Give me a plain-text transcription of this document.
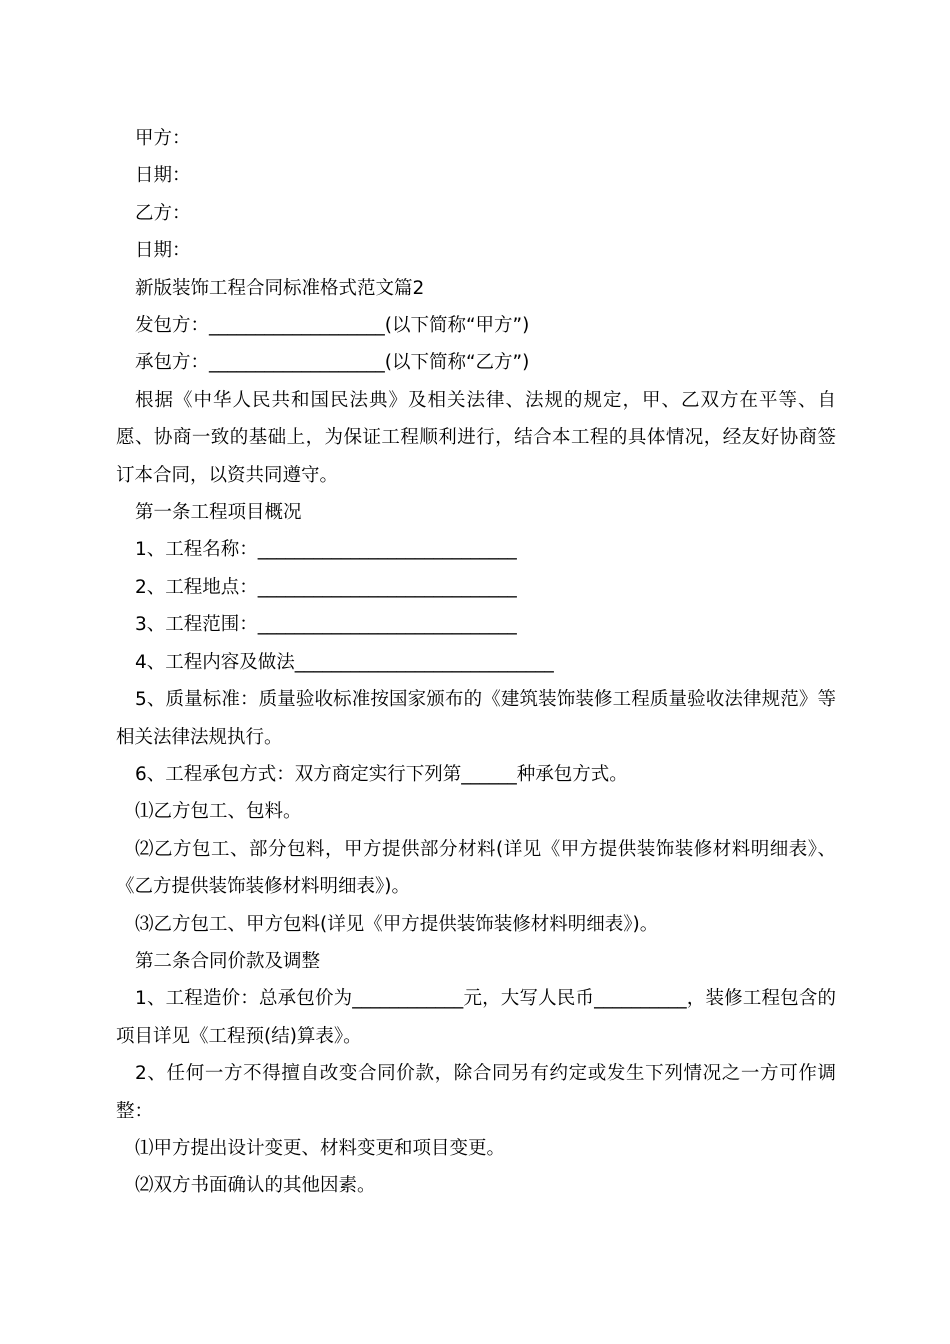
甲方：

日期：

乙方：

日期：

新版装饰工程合同标准格式范文篇2

发包方：___________________(以下简称“甲方”)

承包方：___________________(以下简称“乙方”)

根据《中华人民共和国民法典》及相关法律、法规的规定，甲、乙双方在平等、自愿、协商一致的基础上，为保证工程顺利进行，结合本工程的具体情况，经友好协商签订本合同，以资共同遵守。

第一条工程项目概况

1、工程名称：____________________________

2、工程地点：____________________________

3、工程范围：____________________________

4、工程内容及做法____________________________

5、质量标准：质量验收标准按国家颁布的《建筑装饰装修工程质量验收法律规范》等相关法律法规执行。

6、工程承包方式：双方商定实行下列第______种承包方式。

⑴乙方包工、包料。

⑵乙方包工、部分包料，甲方提供部分材料(详见《甲方提供装饰装修材料明细表》、《乙方提供装饰装修材料明细表》)。

⑶乙方包工、甲方包料(详见《甲方提供装饰装修材料明细表》)。

第二条合同价款及调整

1、工程造价：总承包价为____________元，大写人民币__________，装修工程包含的项目详见《工程预(结)算表》。

2、任何一方不得擅自改变合同价款，除合同另有约定或发生下列情况之一方可作调整：

⑴甲方提出设计变更、材料变更和项目变更。

⑵双方书面确认的其他因素。
